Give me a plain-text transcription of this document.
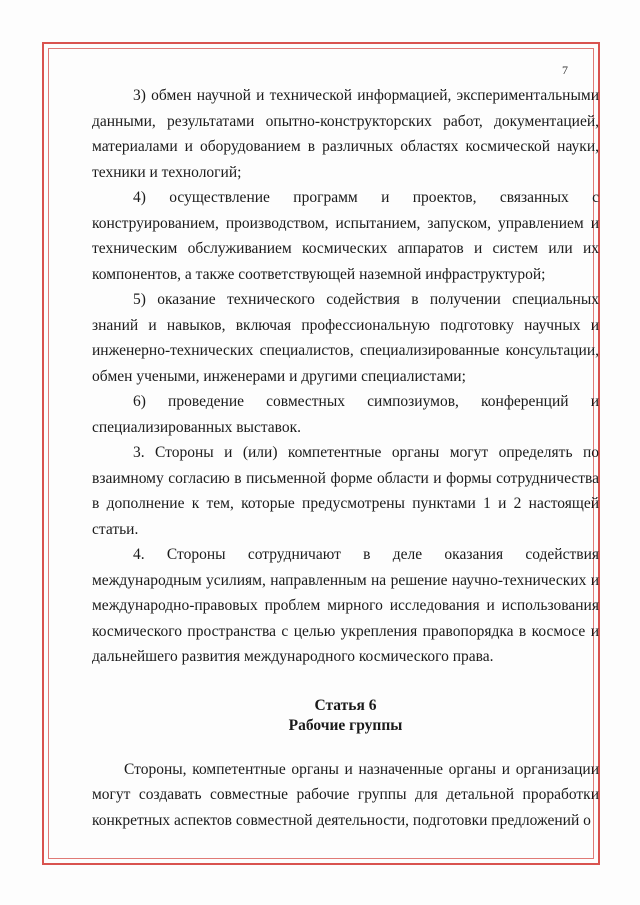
7

3) обмен научной и технической информацией, экспериментальными данными, результатами опытно-конструкторских работ, документацией, материалами и оборудованием в различных областях космической науки, техники и технологий;

4) осуществление программ и проектов, связанных с конструированием, производством, испытанием, запуском, управлением и техническим обслуживанием космических аппаратов и систем или их компонентов, а также соответствующей наземной инфраструктурой;

5) оказание технического содействия в получении специальных знаний и навыков, включая профессиональную подготовку научных и инженерно-технических специалистов, специализированные консультации, обмен учеными, инженерами и другими специалистами;

6) проведение совместных симпозиумов, конференций и специализированных выставок.

3. Стороны и (или) компетентные органы могут определять по взаимному согласию в письменной форме области и формы сотрудничества в дополнение к тем, которые предусмотрены пунктами 1 и 2 настоящей статьи.

4. Стороны сотрудничают в деле оказания содействия международным усилиям, направленным на решение научно-технических и международно-правовых проблем мирного исследования и использования космического пространства с целью укрепления правопорядка в космосе и дальнейшего развития международного космического права.

Статья 6

Рабочие группы

Стороны, компетентные органы и назначенные органы и организации могут создавать совместные рабочие группы для детальной проработки конкретных аспектов совместной деятельности, подготовки предложений о
